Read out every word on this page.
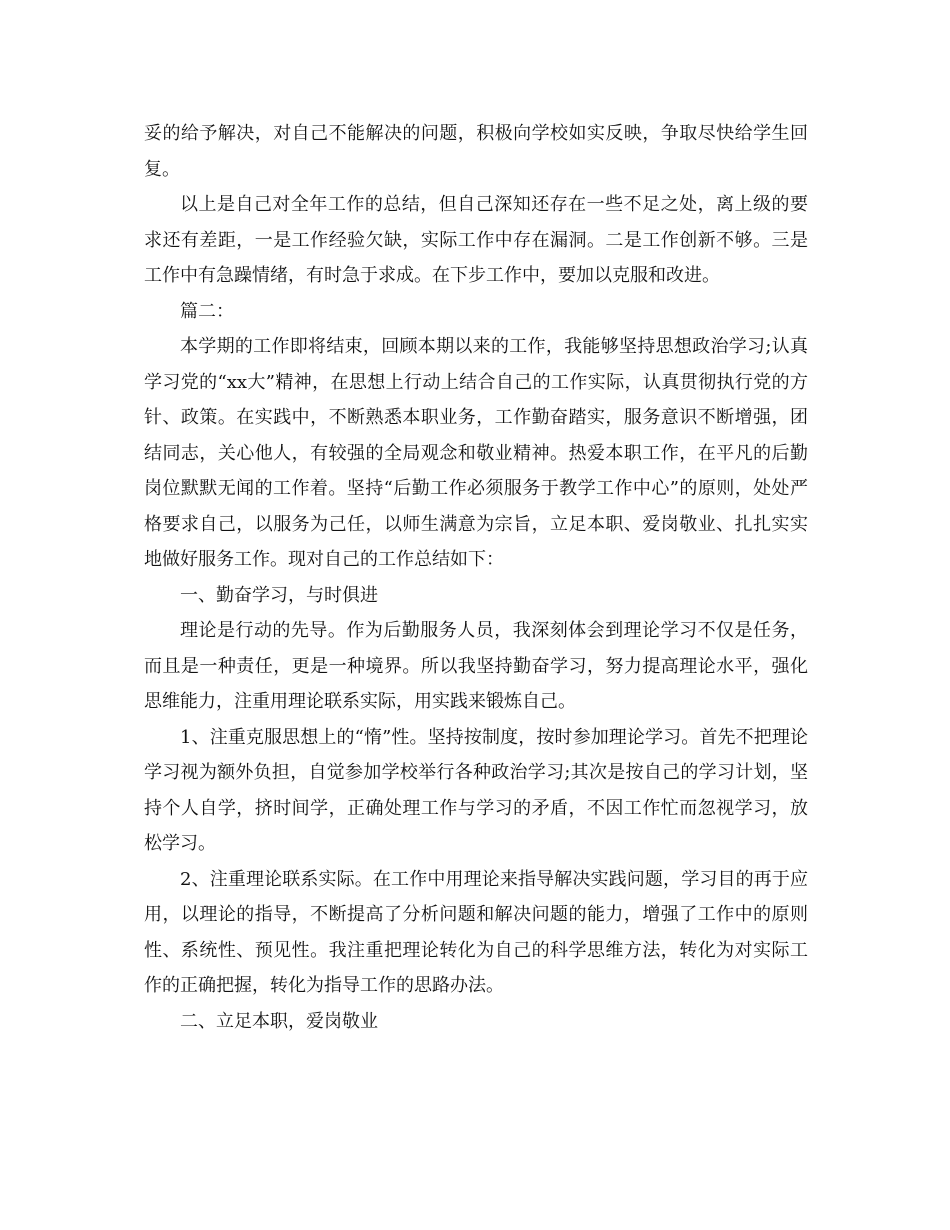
妥的给予解决，对自己不能解决的问题，积极向学校如实反映，争取尽快给学生回复。

以上是自己对全年工作的总结，但自己深知还存在一些不足之处，离上级的要求还有差距，一是工作经验欠缺，实际工作中存在漏洞。二是工作创新不够。三是工作中有急躁情绪，有时急于求成。在下步工作中，要加以克服和改进。

篇二：

本学期的工作即将结束，回顾本期以来的工作，我能够坚持思想政治学习;认真学习党的“xx大”精神，在思想上行动上结合自己的工作实际，认真贯彻执行党的方针、政策。在实践中，不断熟悉本职业务，工作勤奋踏实，服务意识不断增强，团结同志，关心他人，有较强的全局观念和敬业精神。热爱本职工作，在平凡的后勤岗位默默无闻的工作着。坚持“后勤工作必须服务于教学工作中心”的原则，处处严格要求自己，以服务为己任，以师生满意为宗旨，立足本职、爱岗敬业、扎扎实实地做好服务工作。现对自己的工作总结如下：

一、勤奋学习，与时俱进

理论是行动的先导。作为后勤服务人员，我深刻体会到理论学习不仅是任务，而且是一种责任，更是一种境界。所以我坚持勤奋学习，努力提高理论水平，强化思维能力，注重用理论联系实际，用实践来锻炼自己。

1、注重克服思想上的“惰”性。坚持按制度，按时参加理论学习。首先不把理论学习视为额外负担，自觉参加学校举行各种政治学习;其次是按自己的学习计划，坚持个人自学，挤时间学，正确处理工作与学习的矛盾，不因工作忙而忽视学习，放松学习。

2、注重理论联系实际。在工作中用理论来指导解决实践问题，学习目的再于应用，以理论的指导，不断提高了分析问题和解决问题的能力，增强了工作中的原则性、系统性、预见性。我注重把理论转化为自己的科学思维方法，转化为对实际工作的正确把握，转化为指导工作的思路办法。

二、立足本职，爱岗敬业
